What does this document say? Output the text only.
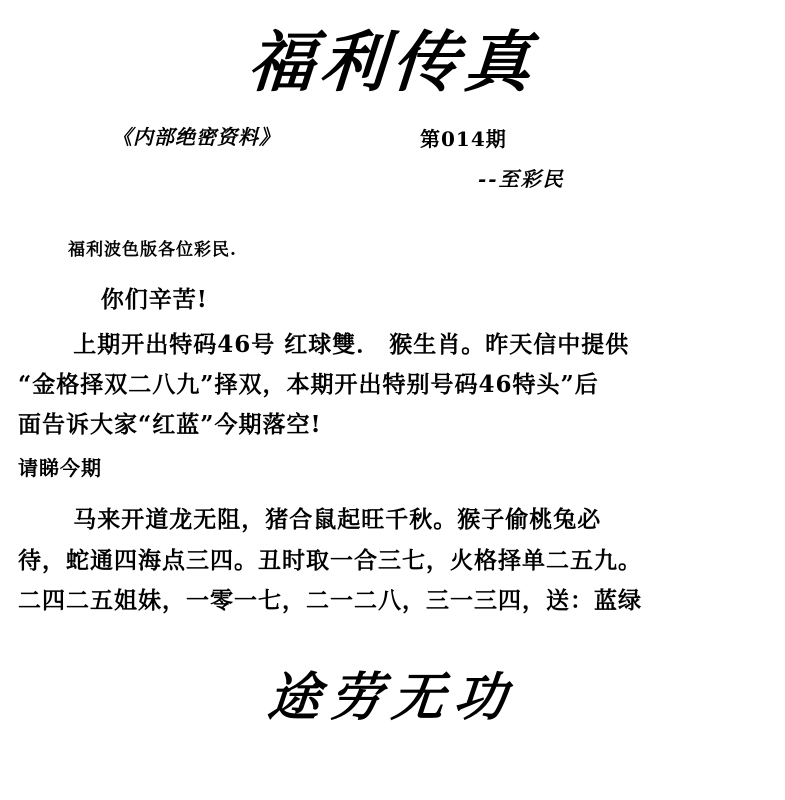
福利传真
《内部绝密资料》	第014期
--至彩民
福利波色版各位彩民.
你们辛苦!
上期开出特码46号 红球雙． 猴生肖。昨天信中提供
“金格择双二八九”择双，本期开出特别号码46特头”后
面告诉大家“红蓝”今期落空!
请睇今期
马来开道龙无阻，猪合鼠起旺千秋。猴子偷桃兔必
待，蛇通四海点三四。丑时取一合三七，火格择单二五九。
二四二五姐妹，一零一七，二一二八，三一三四，送：蓝绿
途劳无功
